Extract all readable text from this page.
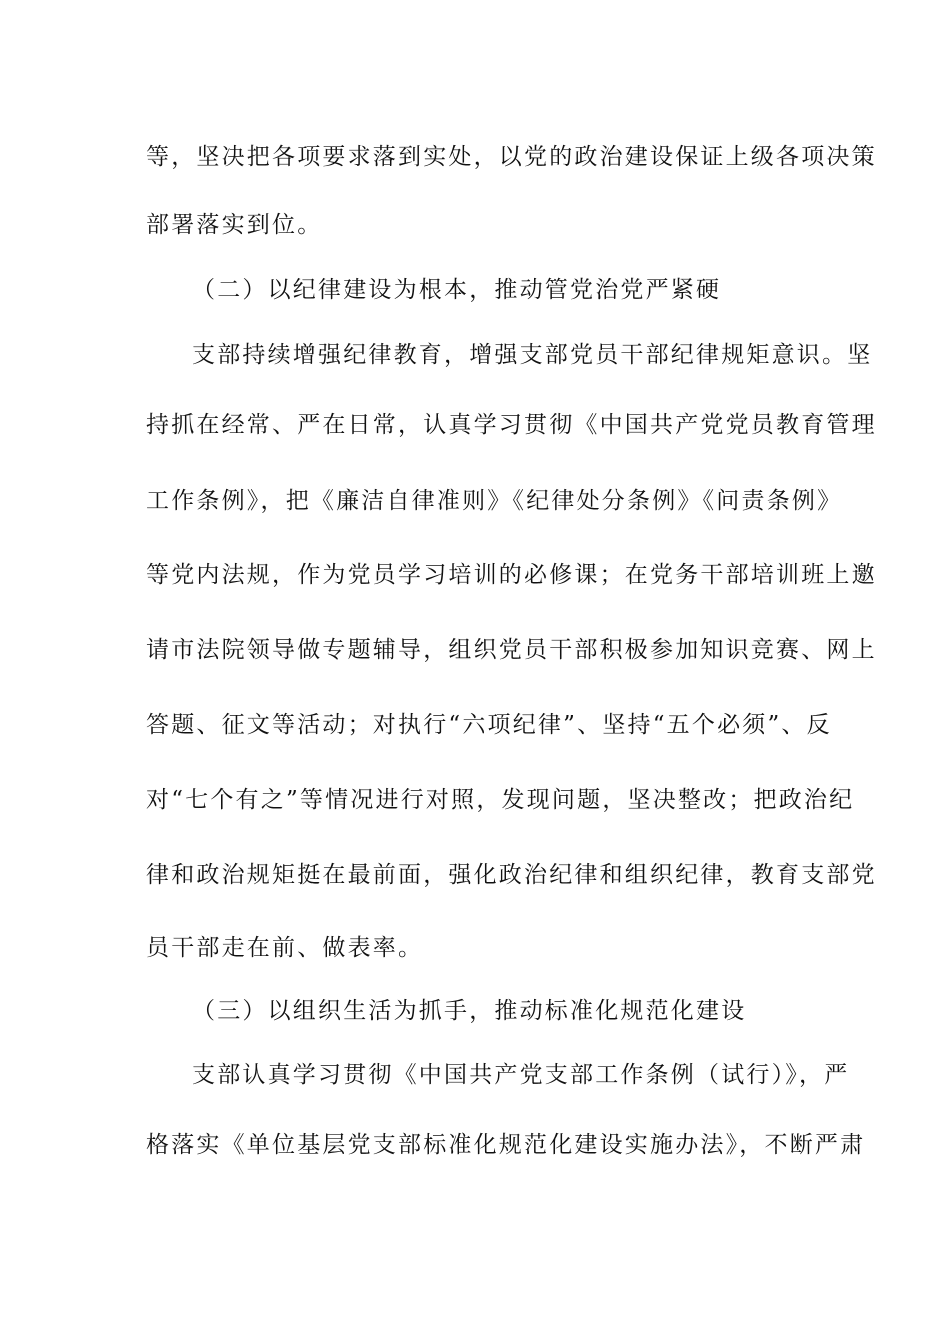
等，坚决把各项要求落到实处，以党的政治建设保证上级各项决策
部署落实到位。
（二）以纪律建设为根本，推动管党治党严紧硬
支部持续增强纪律教育，增强支部党员干部纪律规矩意识。坚
持抓在经常、严在日常，认真学习贯彻《中国共产党党员教育管理
工作条例》，把《廉洁自律准则》《纪律处分条例》《问责条例》
等党内法规，作为党员学习培训的必修课；在党务干部培训班上邀
请市法院领导做专题辅导，组织党员干部积极参加知识竞赛、网上
答题、征文等活动；对执行“六项纪律”、坚持“五个必须”、反
对“七个有之”等情况进行对照，发现问题，坚决整改；把政治纪
律和政治规矩挺在最前面，强化政治纪律和组织纪律，教育支部党
员干部走在前、做表率。
（三）以组织生活为抓手，推动标准化规范化建设
支部认真学习贯彻《中国共产党支部工作条例（试行）》，严
格落实《单位基层党支部标准化规范化建设实施办法》，不断严肃
